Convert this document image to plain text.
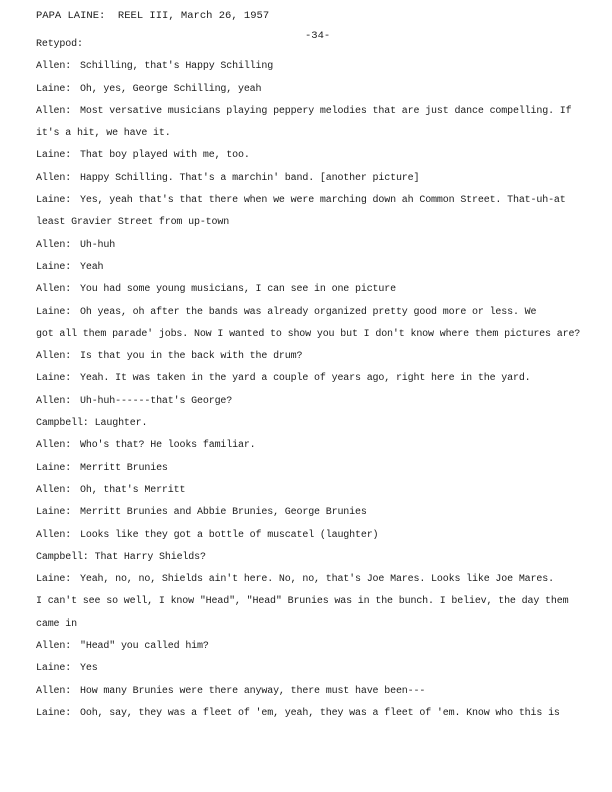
PAPA LAINE:  REEL III, March 26, 1957
-34-
Retypod:
Allen: Schilling, that's Happy Schilling
Laine: Oh, yes, George Schilling, yeah
Allen: Most versative musicians playing peppery melodies that are just dance compelling. If
it's a hit, we have it.
Laine: That boy played with me, too.
Allen: Happy Schilling. That's a marchin' band. [another picture]
Laine: Yes, yeah that's that there when we were marching down ah Common Street. That-uh-at
least Gravier Street from up-town
Allen: Uh-huh
Laine: Yeah
Allen: You had some young musicians, I can see in one picture
Laine: Oh yeas, oh after the bands was already organized pretty good more or less. We
got all them parade' jobs. Now I wanted to show you but I don't know where them pictures are?
Allen: Is that you in the back with the drum?
Laine: Yeah. It was taken in the yard a couple of years ago, right here in the yard.
Allen: Uh-huh------that's George?
Campbell: Laughter.
Allen: Who's that? He looks familiar.
Laine: Merritt Brunies
Allen: Oh, that's Merritt
Laine: Merritt Brunies and Abbie Brunies, George Brunies
Allen: Looks like they got a bottle of muscatel (laughter)
Campbell: That Harry Shields?
Laine: Yeah, no, no, Shields ain't here. No, no, that's Joe Mares. Looks like Joe Mares.
I can't see so well, I know "Head", "Head" Brunies was in the bunch. I believ, the day them
came in
Allen: "Head" you called him?
Laine: Yes
Allen: How many Brunies were there anyway, there must have been---
Laine: Ooh, say, they was a fleet of 'em, yeah, they was a fleet of 'em. Know who this is
